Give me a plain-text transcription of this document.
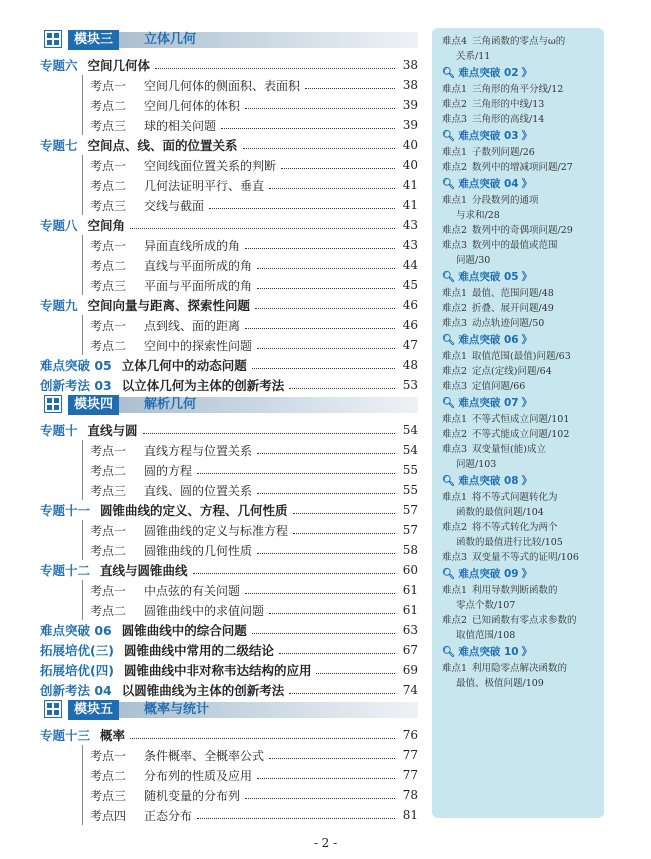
模块三	立体几何
专题六 空间几何体	38
考点一	空间几何体的侧面积、表面积	38
考点二	空间几何体的体积	39
考点三	球的相关问题	39
专题七 空间点、线、面的位置关系	40
考点一	空间线面位置关系的判断	40
考点二	几何法证明平行、垂直	41
考点三	交线与截面	41
专题八 空间角	43
考点一	异面直线所成的角	43
考点二	直线与平面所成的角	44
考点三	平面与平面所成的角	45
专题九 空间向量与距离、探索性问题	46
考点一	点到线、面的距离	46
考点二	空间中的探索性问题	47
难点突破 05 立体几何中的动态问题	48
创新考法 03 以立体几何为主体的创新考法	53
模块四	解析几何
专题十 直线与圆	54
考点一	直线方程与位置关系	54
考点二	圆的方程	55
考点三	直线、圆的位置关系	55
专题十一 圆锥曲线的定义、方程、几何性质	57
考点一	圆锥曲线的定义与标准方程	57
考点二	圆锥曲线的几何性质	58
专题十二 直线与圆锥曲线	60
考点一	中点弦的有关问题	61
考点二	圆锥曲线中的求值问题	61
难点突破 06 圆锥曲线中的综合问题	63
拓展培优(三) 圆锥曲线中常用的二级结论	67
拓展培优(四) 圆锥曲线中非对称韦达结构的应用	69
创新考法 04 以圆锥曲线为主体的创新考法	74
模块五	概率与统计
专题十三 概率	76
考点一	条件概率、全概率公式	77
考点二	分布列的性质及应用	77
考点三	随机变量的分布列	78
考点四	正态分布	81
难点4 三角函数的零点与ω的
关系/11
🔍︎ 难点突破 02 》
难点1 三角形的角平分线/12
难点2 三角形的中线/13
难点3 三角形的高线/14
🔍︎ 难点突破 03 》
难点1 子数列问题/26
难点2 数列中的增减项问题/27
🔍︎ 难点突破 04 》
难点1 分段数列的通项
与求和/28
难点2 数列中的奇偶项问题/29
难点3 数列中的最值或范围
问题/30
🔍︎ 难点突破 05 》
难点1 最值、范围问题/48
难点2 折叠、展开问题/49
难点3 动点轨迹问题/50
🔍︎ 难点突破 06 》
难点1 取值范围(最值)问题/63
难点2 定点(定线)问题/64
难点3 定值问题/66
🔍︎ 难点突破 07 》
难点1 不等式恒成立问题/101
难点2 不等式能成立问题/102
难点3 双变量恒(能)成立
问题/103
🔍︎ 难点突破 08 》
难点1 将不等式问题转化为
函数的最值问题/104
难点2 将不等式转化为两个
函数的最值进行比较/105
难点3 双变量不等式的证明/106
🔍︎ 难点突破 09 》
难点1 利用导数判断函数的
零点个数/107
难点2 已知函数有零点求参数的
取值范围/108
🔍︎ 难点突破 10 》
难点1 利用隐零点解决函数的
最值、极值问题/109
- 2 -
